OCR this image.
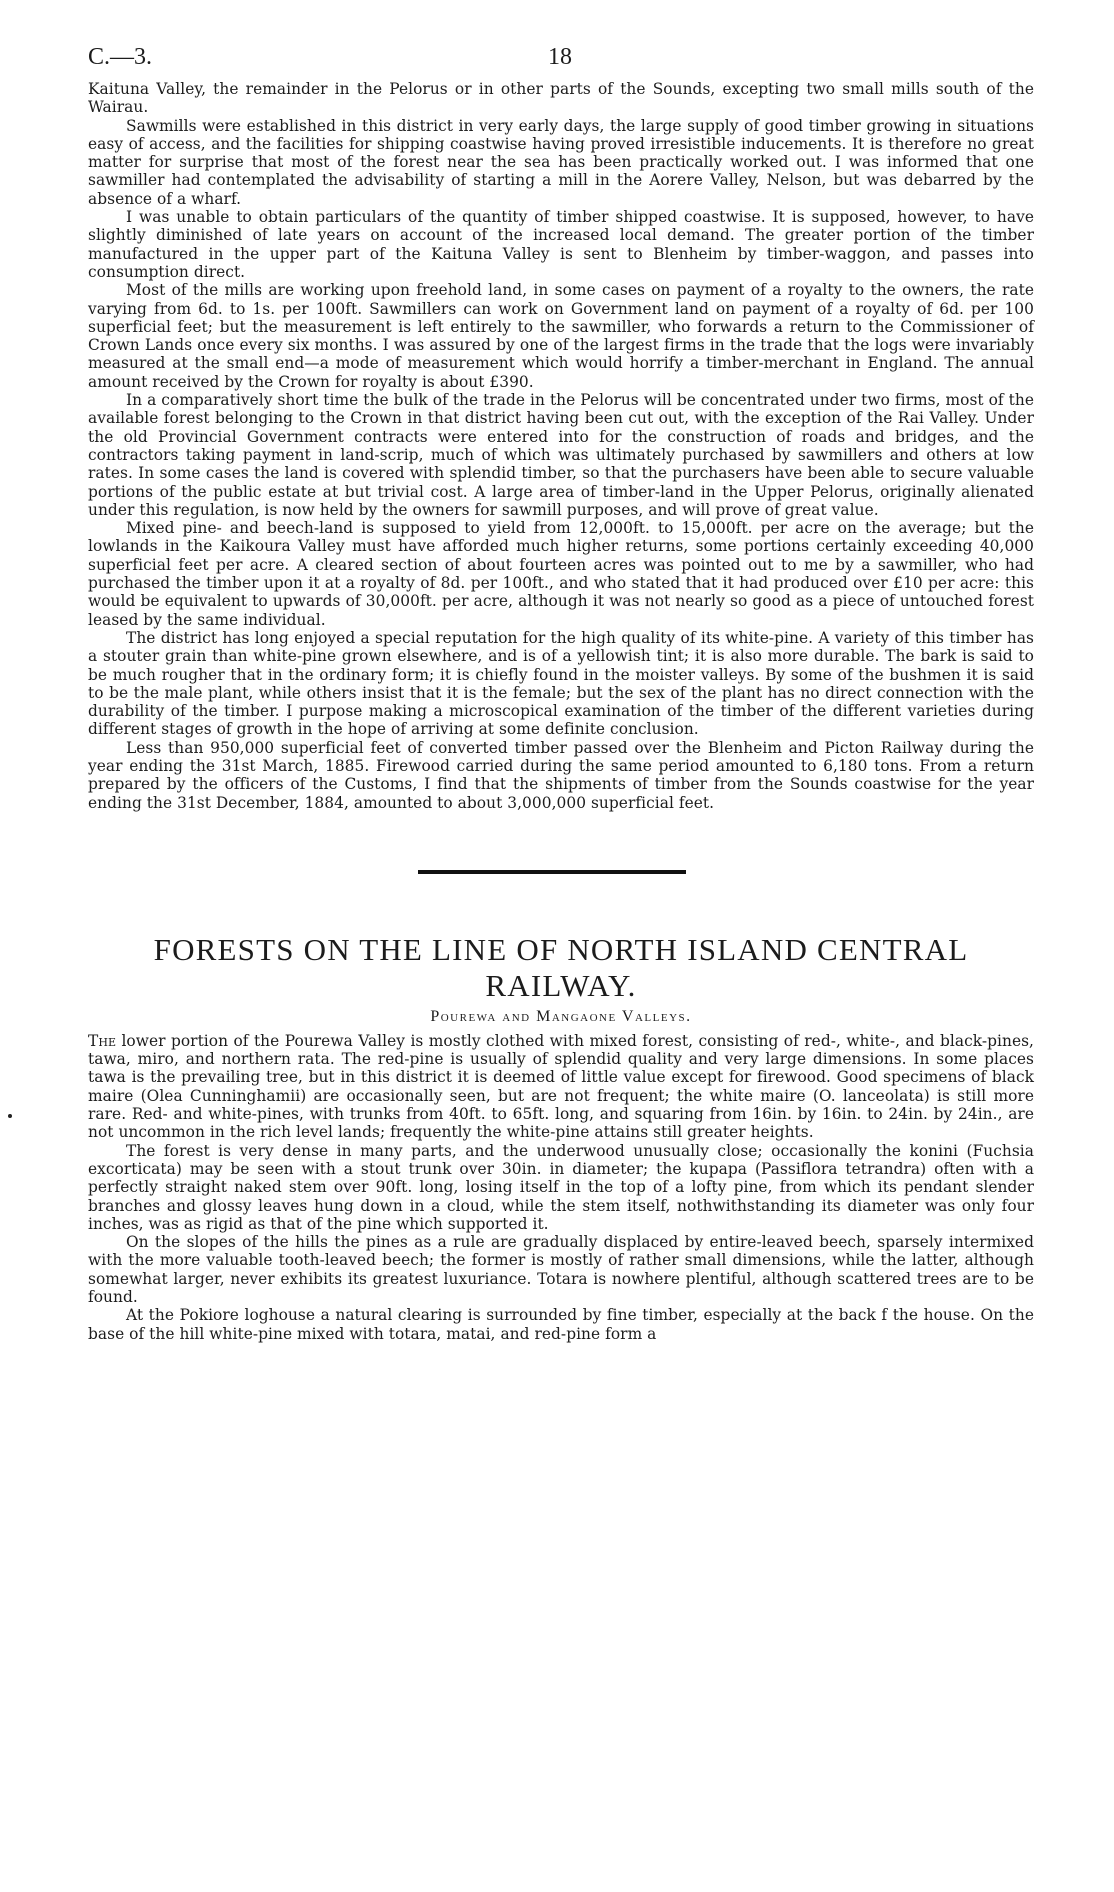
C.—3.	18

Kaituna Valley, the remainder in the Pelorus or in other parts of the Sounds, excepting two small mills south of the Wairau.

Sawmills were established in this district in very early days, the large supply of good timber growing in situations easy of access, and the facilities for shipping coastwise having proved irresistible inducements. It is therefore no great matter for surprise that most of the forest near the sea has been practically worked out. I was informed that one sawmiller had contemplated the advisability of starting a mill in the Aorere Valley, Nelson, but was debarred by the absence of a wharf.

I was unable to obtain particulars of the quantity of timber shipped coastwise. It is supposed, however, to have slightly diminished of late years on account of the increased local demand. The greater portion of the timber manufactured in the upper part of the Kaituna Valley is sent to Blenheim by timber-waggon, and passes into consumption direct.

Most of the mills are working upon freehold land, in some cases on payment of a royalty to the owners, the rate varying from 6d. to 1s. per 100ft. Sawmillers can work on Government land on payment of a royalty of 6d. per 100 superficial feet; but the measurement is left entirely to the sawmiller, who forwards a return to the Commissioner of Crown Lands once every six months. I was assured by one of the largest firms in the trade that the logs were invariably measured at the small end—a mode of measurement which would horrify a timber-merchant in England. The annual amount received by the Crown for royalty is about £390.

In a comparatively short time the bulk of the trade in the Pelorus will be concentrated under two firms, most of the available forest belonging to the Crown in that district having been cut out, with the exception of the Rai Valley. Under the old Provincial Government contracts were entered into for the construction of roads and bridges, and the contractors taking payment in land-scrip, much of which was ultimately purchased by sawmillers and others at low rates. In some cases the land is covered with splendid timber, so that the purchasers have been able to secure valuable portions of the public estate at but trivial cost. A large area of timber-land in the Upper Pelorus, originally alienated under this regulation, is now held by the owners for sawmill purposes, and will prove of great value.

Mixed pine- and beech-land is supposed to yield from 12,000ft. to 15,000ft. per acre on the average; but the lowlands in the Kaikoura Valley must have afforded much higher returns, some portions certainly exceeding 40,000 superficial feet per acre. A cleared section of about fourteen acres was pointed out to me by a sawmiller, who had purchased the timber upon it at a royalty of 8d. per 100ft., and who stated that it had produced over £10 per acre: this would be equivalent to upwards of 30,000ft. per acre, although it was not nearly so good as a piece of untouched forest leased by the same individual.

The district has long enjoyed a special reputation for the high quality of its white-pine. A variety of this timber has a stouter grain than white-pine grown elsewhere, and is of a yellowish tint; it is also more durable. The bark is said to be much rougher that in the ordinary form; it is chiefly found in the moister valleys. By some of the bushmen it is said to be the male plant, while others insist that it is the female; but the sex of the plant has no direct connection with the durability of the timber. I purpose making a microscopical examination of the timber of the different varieties during different stages of growth in the hope of arriving at some definite conclusion.

Less than 950,000 superficial feet of converted timber passed over the Blenheim and Picton Railway during the year ending the 31st March, 1885. Firewood carried during the same period amounted to 6,180 tons. From a return prepared by the officers of the Customs, I find that the shipments of timber from the Sounds coastwise for the year ending the 31st December, 1884, amounted to about 3,000,000 superficial feet.

FORESTS ON THE LINE OF NORTH ISLAND CENTRAL RAILWAY.
Pourewa and Mangaone Valleys.

The lower portion of the Pourewa Valley is mostly clothed with mixed forest, consisting of red-, white-, and black-pines, tawa, miro, and northern rata. The red-pine is usually of splendid quality and very large dimensions. In some places tawa is the prevailing tree, but in this district it is deemed of little value except for firewood. Good specimens of black maire (Olea Cunninghamii) are occasionally seen, but are not frequent; the white maire (O. lanceolata) is still more rare. Red- and white-pines, with trunks from 40ft. to 65ft. long, and squaring from 16in. by 16in. to 24in. by 24in., are not uncommon in the rich level lands; frequently the white-pine attains still greater heights.

The forest is very dense in many parts, and the underwood unusually close; occasionally the konini (Fuchsia excorticata) may be seen with a stout trunk over 30in. in diameter; the kupapa (Passiflora tetrandra) often with a perfectly straight naked stem over 90ft. long, losing itself in the top of a lofty pine, from which its pendant slender branches and glossy leaves hung down in a cloud, while the stem itself, nothwithstanding its diameter was only four inches, was as rigid as that of the pine which supported it.

On the slopes of the hills the pines as a rule are gradually displaced by entire-leaved beech, sparsely intermixed with the more valuable tooth-leaved beech; the former is mostly of rather small dimensions, while the latter, although somewhat larger, never exhibits its greatest luxuriance. Totara is nowhere plentiful, although scattered trees are to be found.

At the Pokiore loghouse a natural clearing is surrounded by fine timber, especially at the back f the house. On the base of the hill white-pine mixed with totara, matai, and red-pine form a
